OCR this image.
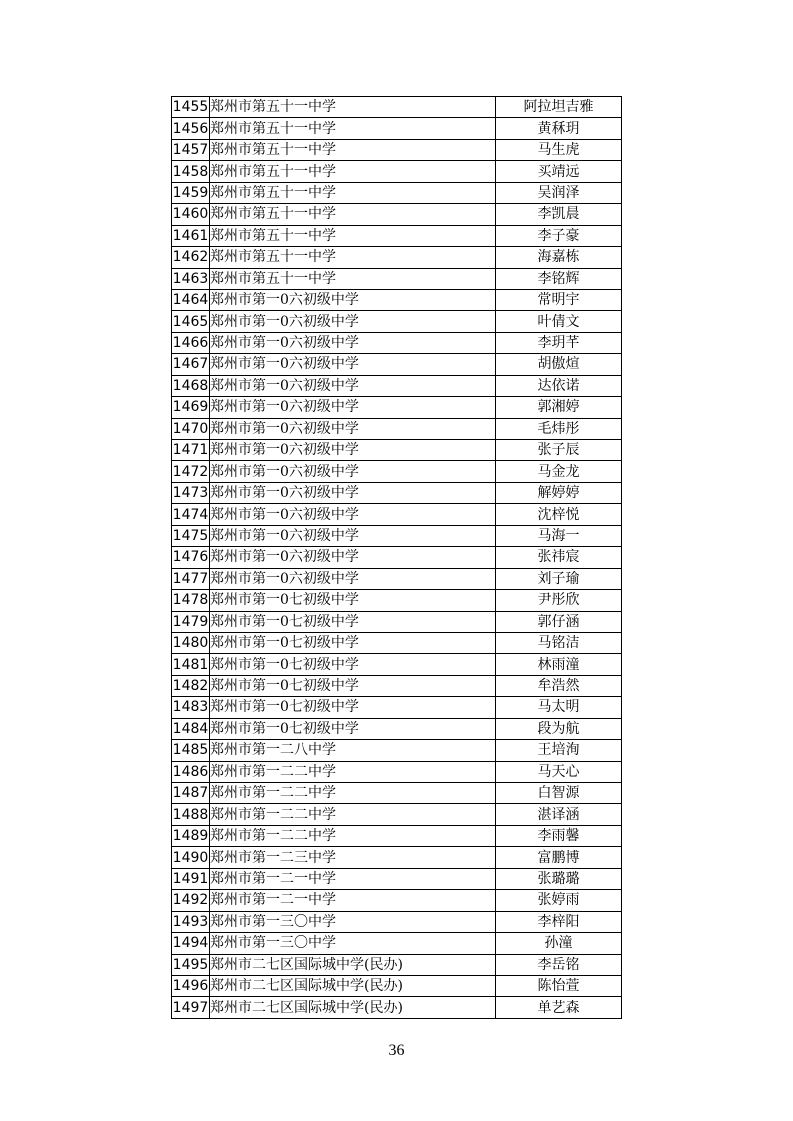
1455	郑州市第五十一中学	阿拉坦吉雅
1456	郑州市第五十一中学	黄秝玥
1457	郑州市第五十一中学	马生虎
1458	郑州市第五十一中学	买靖远
1459	郑州市第五十一中学	吴润泽
1460	郑州市第五十一中学	李凯晨
1461	郑州市第五十一中学	李子豪
1462	郑州市第五十一中学	海嘉栋
1463	郑州市第五十一中学	李铭辉
1464	郑州市第一0六初级中学	常明宇
1465	郑州市第一0六初级中学	叶倩文
1466	郑州市第一0六初级中学	李玥芊
1467	郑州市第一0六初级中学	胡傲煊
1468	郑州市第一0六初级中学	达依诺
1469	郑州市第一0六初级中学	郭湘婷
1470	郑州市第一0六初级中学	毛炜彤
1471	郑州市第一0六初级中学	张子辰
1472	郑州市第一0六初级中学	马金龙
1473	郑州市第一0六初级中学	解婷婷
1474	郑州市第一0六初级中学	沈梓悦
1475	郑州市第一0六初级中学	马海一
1476	郑州市第一0六初级中学	张祎宸
1477	郑州市第一0六初级中学	刘子瑜
1478	郑州市第一0七初级中学	尹彤欣
1479	郑州市第一0七初级中学	郭仔涵
1480	郑州市第一0七初级中学	马铭洁
1481	郑州市第一0七初级中学	林雨潼
1482	郑州市第一0七初级中学	牟浩然
1483	郑州市第一0七初级中学	马太明
1484	郑州市第一0七初级中学	段为航
1485	郑州市第一二八中学	王培洵
1486	郑州市第一二二中学	马天心
1487	郑州市第一二二中学	白智源
1488	郑州市第一二二中学	湛译涵
1489	郑州市第一二二中学	李雨馨
1490	郑州市第一二三中学	富鹏博
1491	郑州市第一二一中学	张璐璐
1492	郑州市第一二一中学	张婷雨
1493	郑州市第一三〇中学	李梓阳
1494	郑州市第一三〇中学	孙潼
1495	郑州市二七区国际城中学(民办)	李岳铭
1496	郑州市二七区国际城中学(民办)	陈怡萱
1497	郑州市二七区国际城中学(民办)	单艺森
36
